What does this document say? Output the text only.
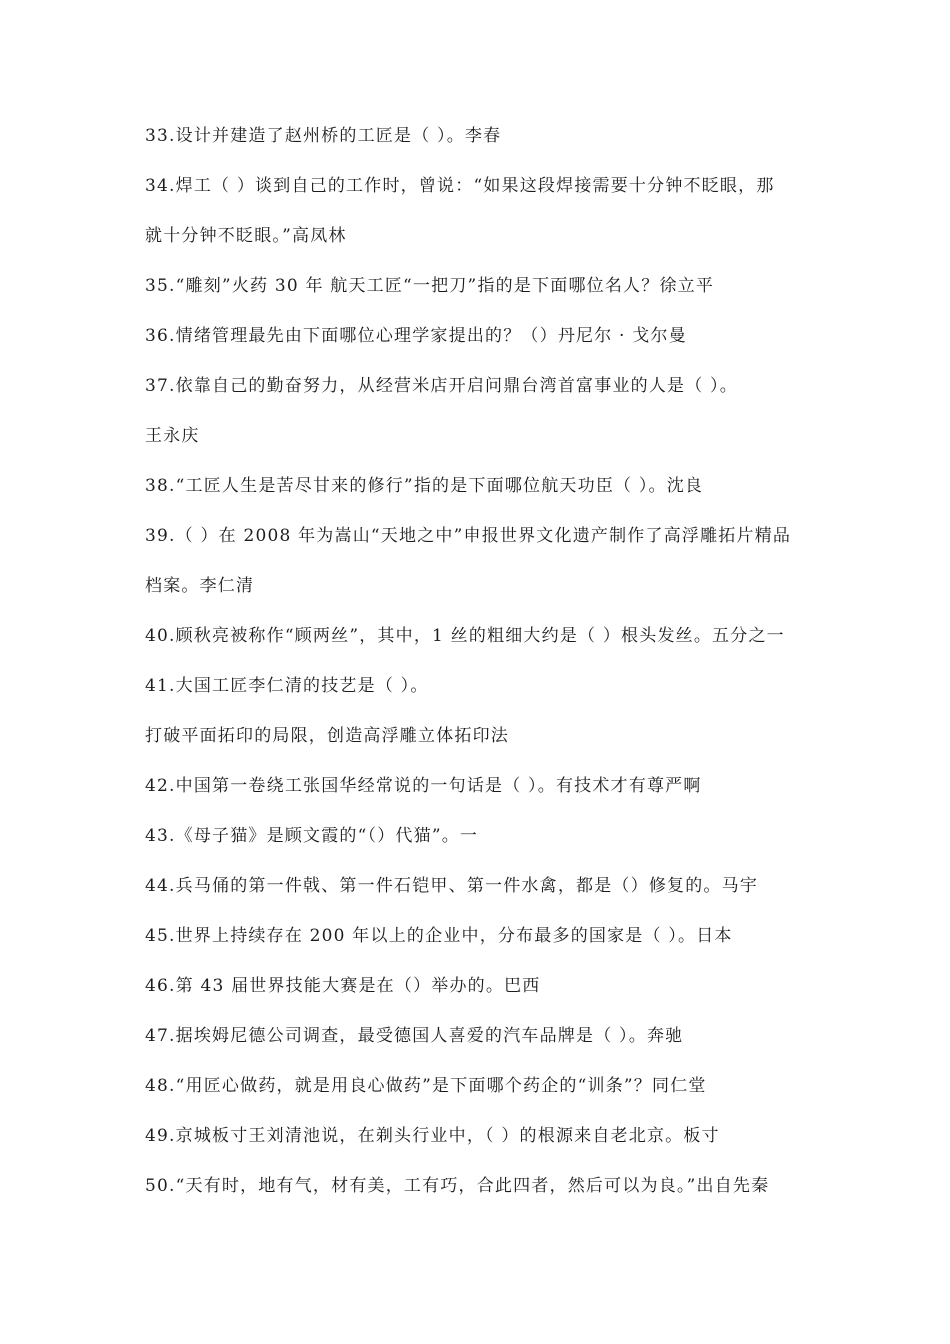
33.设计并建造了赵州桥的工匠是（ ）。李春
34.焊工（ ）谈到自己的工作时，曾说：“如果这段焊接需要十分钟不眨眼，那
就十分钟不眨眼。”高凤林
35.“雕刻”火药 30 年 航天工匠“一把刀”指的是下面哪位名人？徐立平
36.情绪管理最先由下面哪位心理学家提出的？（）丹尼尔 · 戈尔曼
37.依靠自己的勤奋努力，从经营米店开启问鼎台湾首富事业的人是（ ）。
王永庆
38.“工匠人生是苦尽甘来的修行”指的是下面哪位航天功臣（ ）。沈良
39.（ ）在 2008 年为嵩山“天地之中”申报世界文化遗产制作了高浮雕拓片精品
档案。李仁清
40.顾秋亮被称作“顾两丝”，其中，1 丝的粗细大约是（ ）根头发丝。五分之一
41.大国工匠李仁清的技艺是（ ）。
打破平面拓印的局限，创造高浮雕立体拓印法
42.中国第一卷绕工张国华经常说的一句话是（ ）。有技术才有尊严啊
43.《母子猫》是顾文霞的“（）代猫”。一
44.兵马俑的第一件戟、第一件石铠甲、第一件水禽，都是（）修复的。马宇
45.世界上持续存在 200 年以上的企业中，分布最多的国家是（ ）。日本
46.第 43 届世界技能大赛是在（）举办的。巴西
47.据埃姆尼德公司调查，最受德国人喜爱的汽车品牌是（ ）。奔驰
48.“用匠心做药，就是用良心做药”是下面哪个药企的“训条”？同仁堂
49.京城板寸王刘清池说，在剃头行业中，（ ）的根源来自老北京。板寸
50.“天有时，地有气，材有美，工有巧，合此四者，然后可以为良。”出自先秦
